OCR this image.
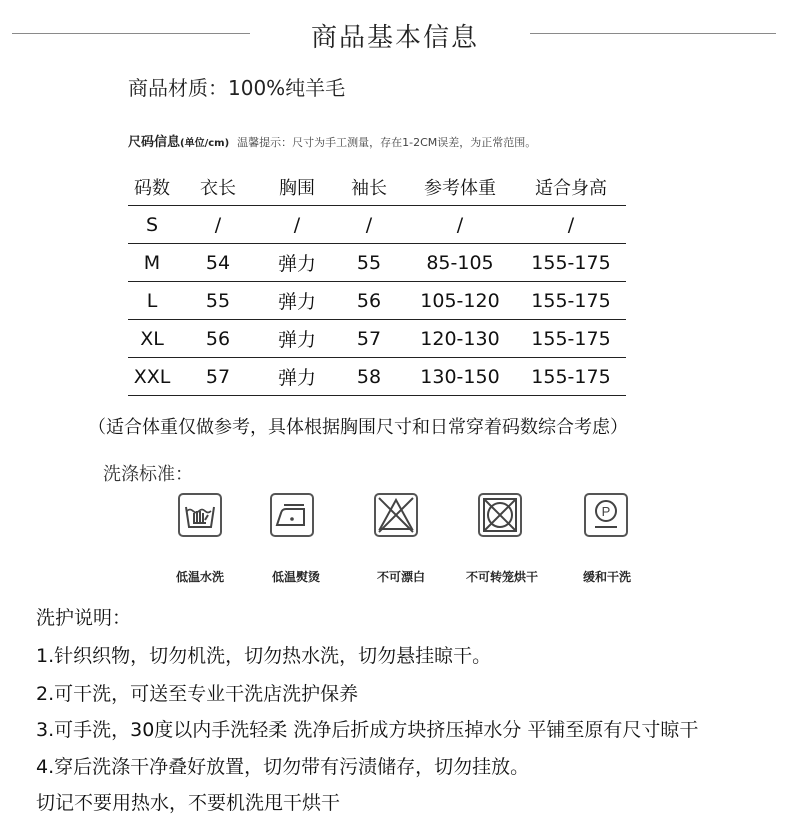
商品基本信息
商品材质：100%纯羊毛
尺码信息(单位/cm) 温馨提示：尺寸为手工测量，存在1-2CM误差，为正常范围。
码数	衣长	胸围	袖长	参考体重	适合身高
S	/	/	/	/	/
M	54	弹力	55	85-105	155-175
L	55	弹力	56	105-120	155-175
XL	56	弹力	57	120-130	155-175
XXL	57	弹力	58	130-150	155-175
（适合体重仅做参考，具体根据胸围尺寸和日常穿着码数综合考虑）
洗涤标准：
P
低温水洗	低温熨烫	不可漂白	不可转笼烘干	缓和干洗
洗护说明：
1.针织织物，切勿机洗，切勿热水洗，切勿悬挂晾干。
2.可干洗，可送至专业干洗店洗护保养
3.可手洗，30度以内手洗轻柔 洗净后折成方块挤压掉水分 平铺至原有尺寸晾干
4.穿后洗涤干净叠好放置，切勿带有污渍储存，切勿挂放。
切记不要用热水，不要机洗甩干烘干
